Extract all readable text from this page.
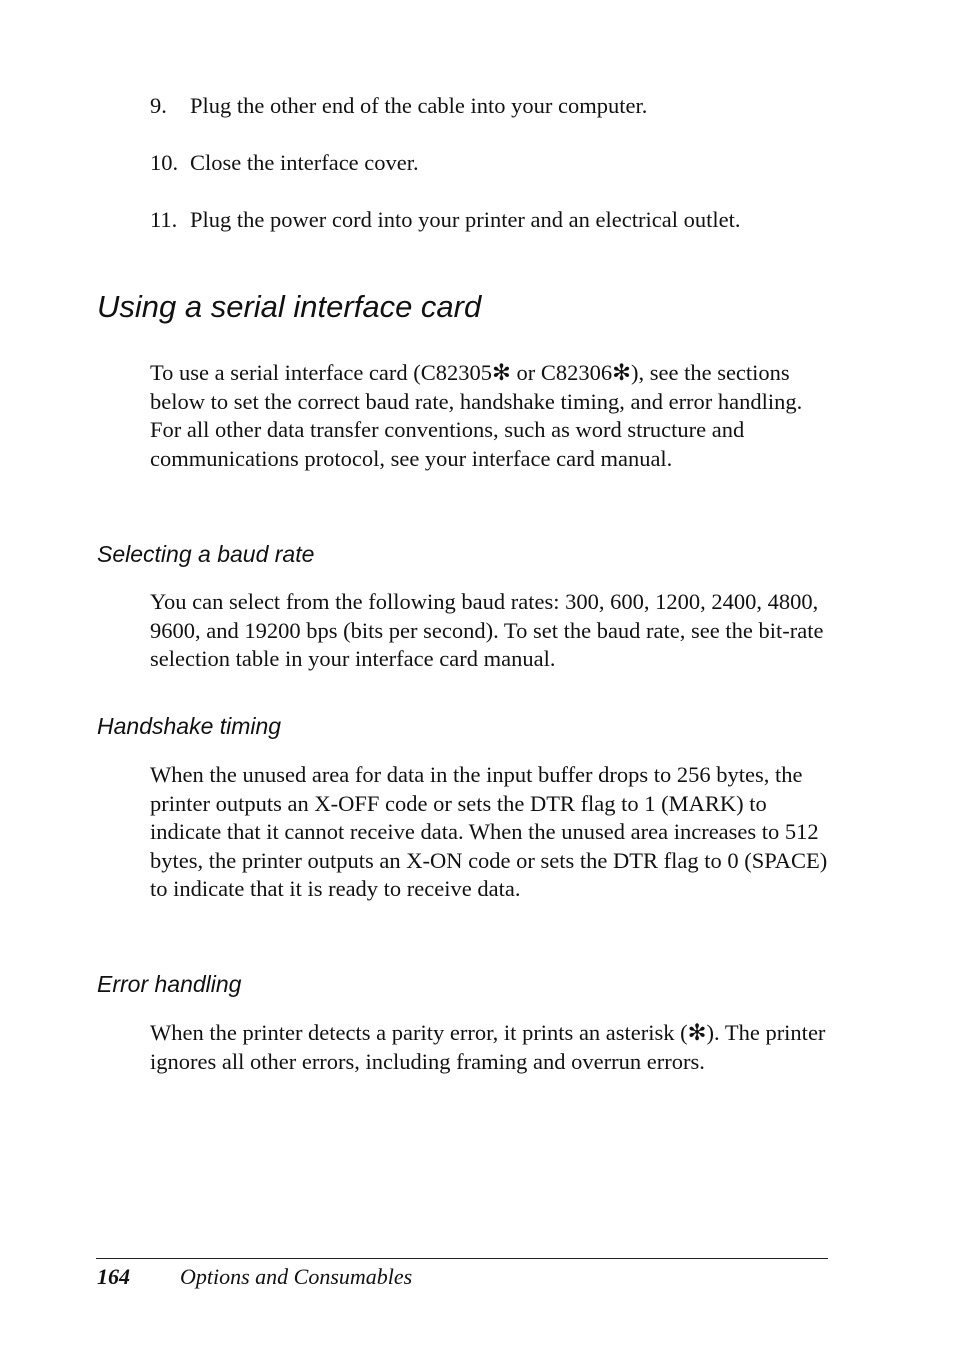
9. Plug the other end of the cable into your computer.
10. Close the interface cover.
11. Plug the power cord into your printer and an electrical outlet.
Using a serial interface card

To use a serial interface card (C82305✻ or C82306✻), see the sections below to set the correct baud rate, handshake timing, and error handling. For all other data transfer conventions, such as word structure and communications protocol, see your interface card manual.

Selecting a baud rate

You can select from the following baud rates: 300, 600, 1200, 2400, 4800, 9600, and 19200 bps (bits per second). To set the baud rate, see the bit-rate selection table in your interface card manual.

Handshake timing

When the unused area for data in the input buffer drops to 256 bytes, the printer outputs an X-OFF code or sets the DTR flag to 1 (MARK) to indicate that it cannot receive data. When the unused area increases to 512 bytes, the printer outputs an X-ON code or sets the DTR flag to 0 (SPACE) to indicate that it is ready to receive data.

Error handling

When the printer detects a parity error, it prints an asterisk (✻). The printer ignores all other errors, including framing and overrun errors.

164 Options and Consumables
